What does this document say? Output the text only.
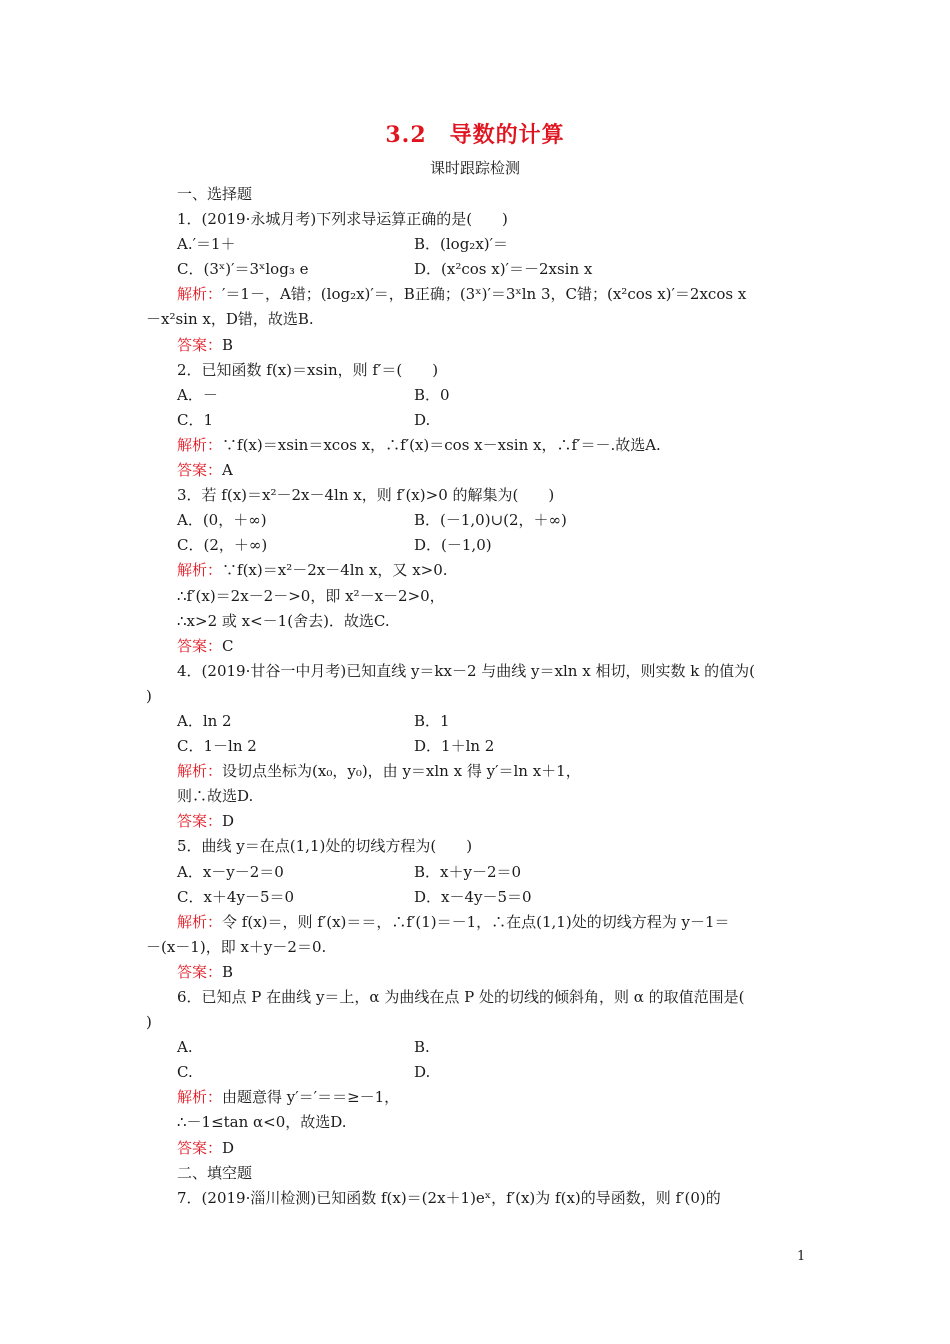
3.2　导数的计算
课时跟踪检测
一、选择题
1．(2019·永城月考)下列求导运算正确的是(　　)
A.′＝1＋	B．(log₂x)′＝
C．(3ˣ)′＝3ˣlog₃ e	D．(x²cos x)′＝－2xsin x
解析：′＝1－，A错；(log₂x)′＝，B正确；(3ˣ)′＝3ˣln 3，C错；(x²cos x)′＝2xcos x
－x²sin x，D错，故选B.
答案：B
2．已知函数 f(x)＝xsin，则 f′＝(　　)
A．－	B．0
C．1	D.
解析：∵f(x)＝xsin＝xcos x，∴f′(x)＝cos x－xsin x，∴f′＝－.故选A.
答案：A
3．若 f(x)＝x²－2x－4ln x，则 f′(x)>0 的解集为(　　)
A．(0，＋∞)	B．(－1,0)∪(2，＋∞)
C．(2，＋∞)	D．(－1,0)
解析：∵f(x)＝x²－2x－4ln x，又 x>0.
∴f′(x)＝2x－2－>0，即 x²－x－2>0，
∴x>2 或 x<－1(舍去)．故选C.
答案：C
4．(2019·甘谷一中月考)已知直线 y＝kx－2 与曲线 y＝xln x 相切，则实数 k 的值为(
)
A．ln 2	B．1
C．1－ln 2	D．1＋ln 2
解析：设切点坐标为(x₀，y₀)，由 y＝xln x 得 y′＝ln x＋1，
则∴故选D.
答案：D
5．曲线 y＝在点(1,1)处的切线方程为(　　)
A．x－y－2＝0	B．x＋y－2＝0
C．x＋4y－5＝0	D．x－4y－5＝0
解析：令 f(x)＝，则 f′(x)＝＝，∴f′(1)＝－1，∴在点(1,1)处的切线方程为 y－1＝
－(x－1)，即 x＋y－2＝0.
答案：B
6．已知点 P 在曲线 y＝上，α 为曲线在点 P 处的切线的倾斜角，则 α 的取值范围是(
)
A.	B.
C.	D.
解析：由题意得 y′＝′＝＝≥－1，
∴－1≤tan α<0，故选D.
答案：D
二、填空题
7．(2019·淄川检测)已知函数 f(x)＝(2x＋1)eˣ，f′(x)为 f(x)的导函数，则 f′(0)的
1
